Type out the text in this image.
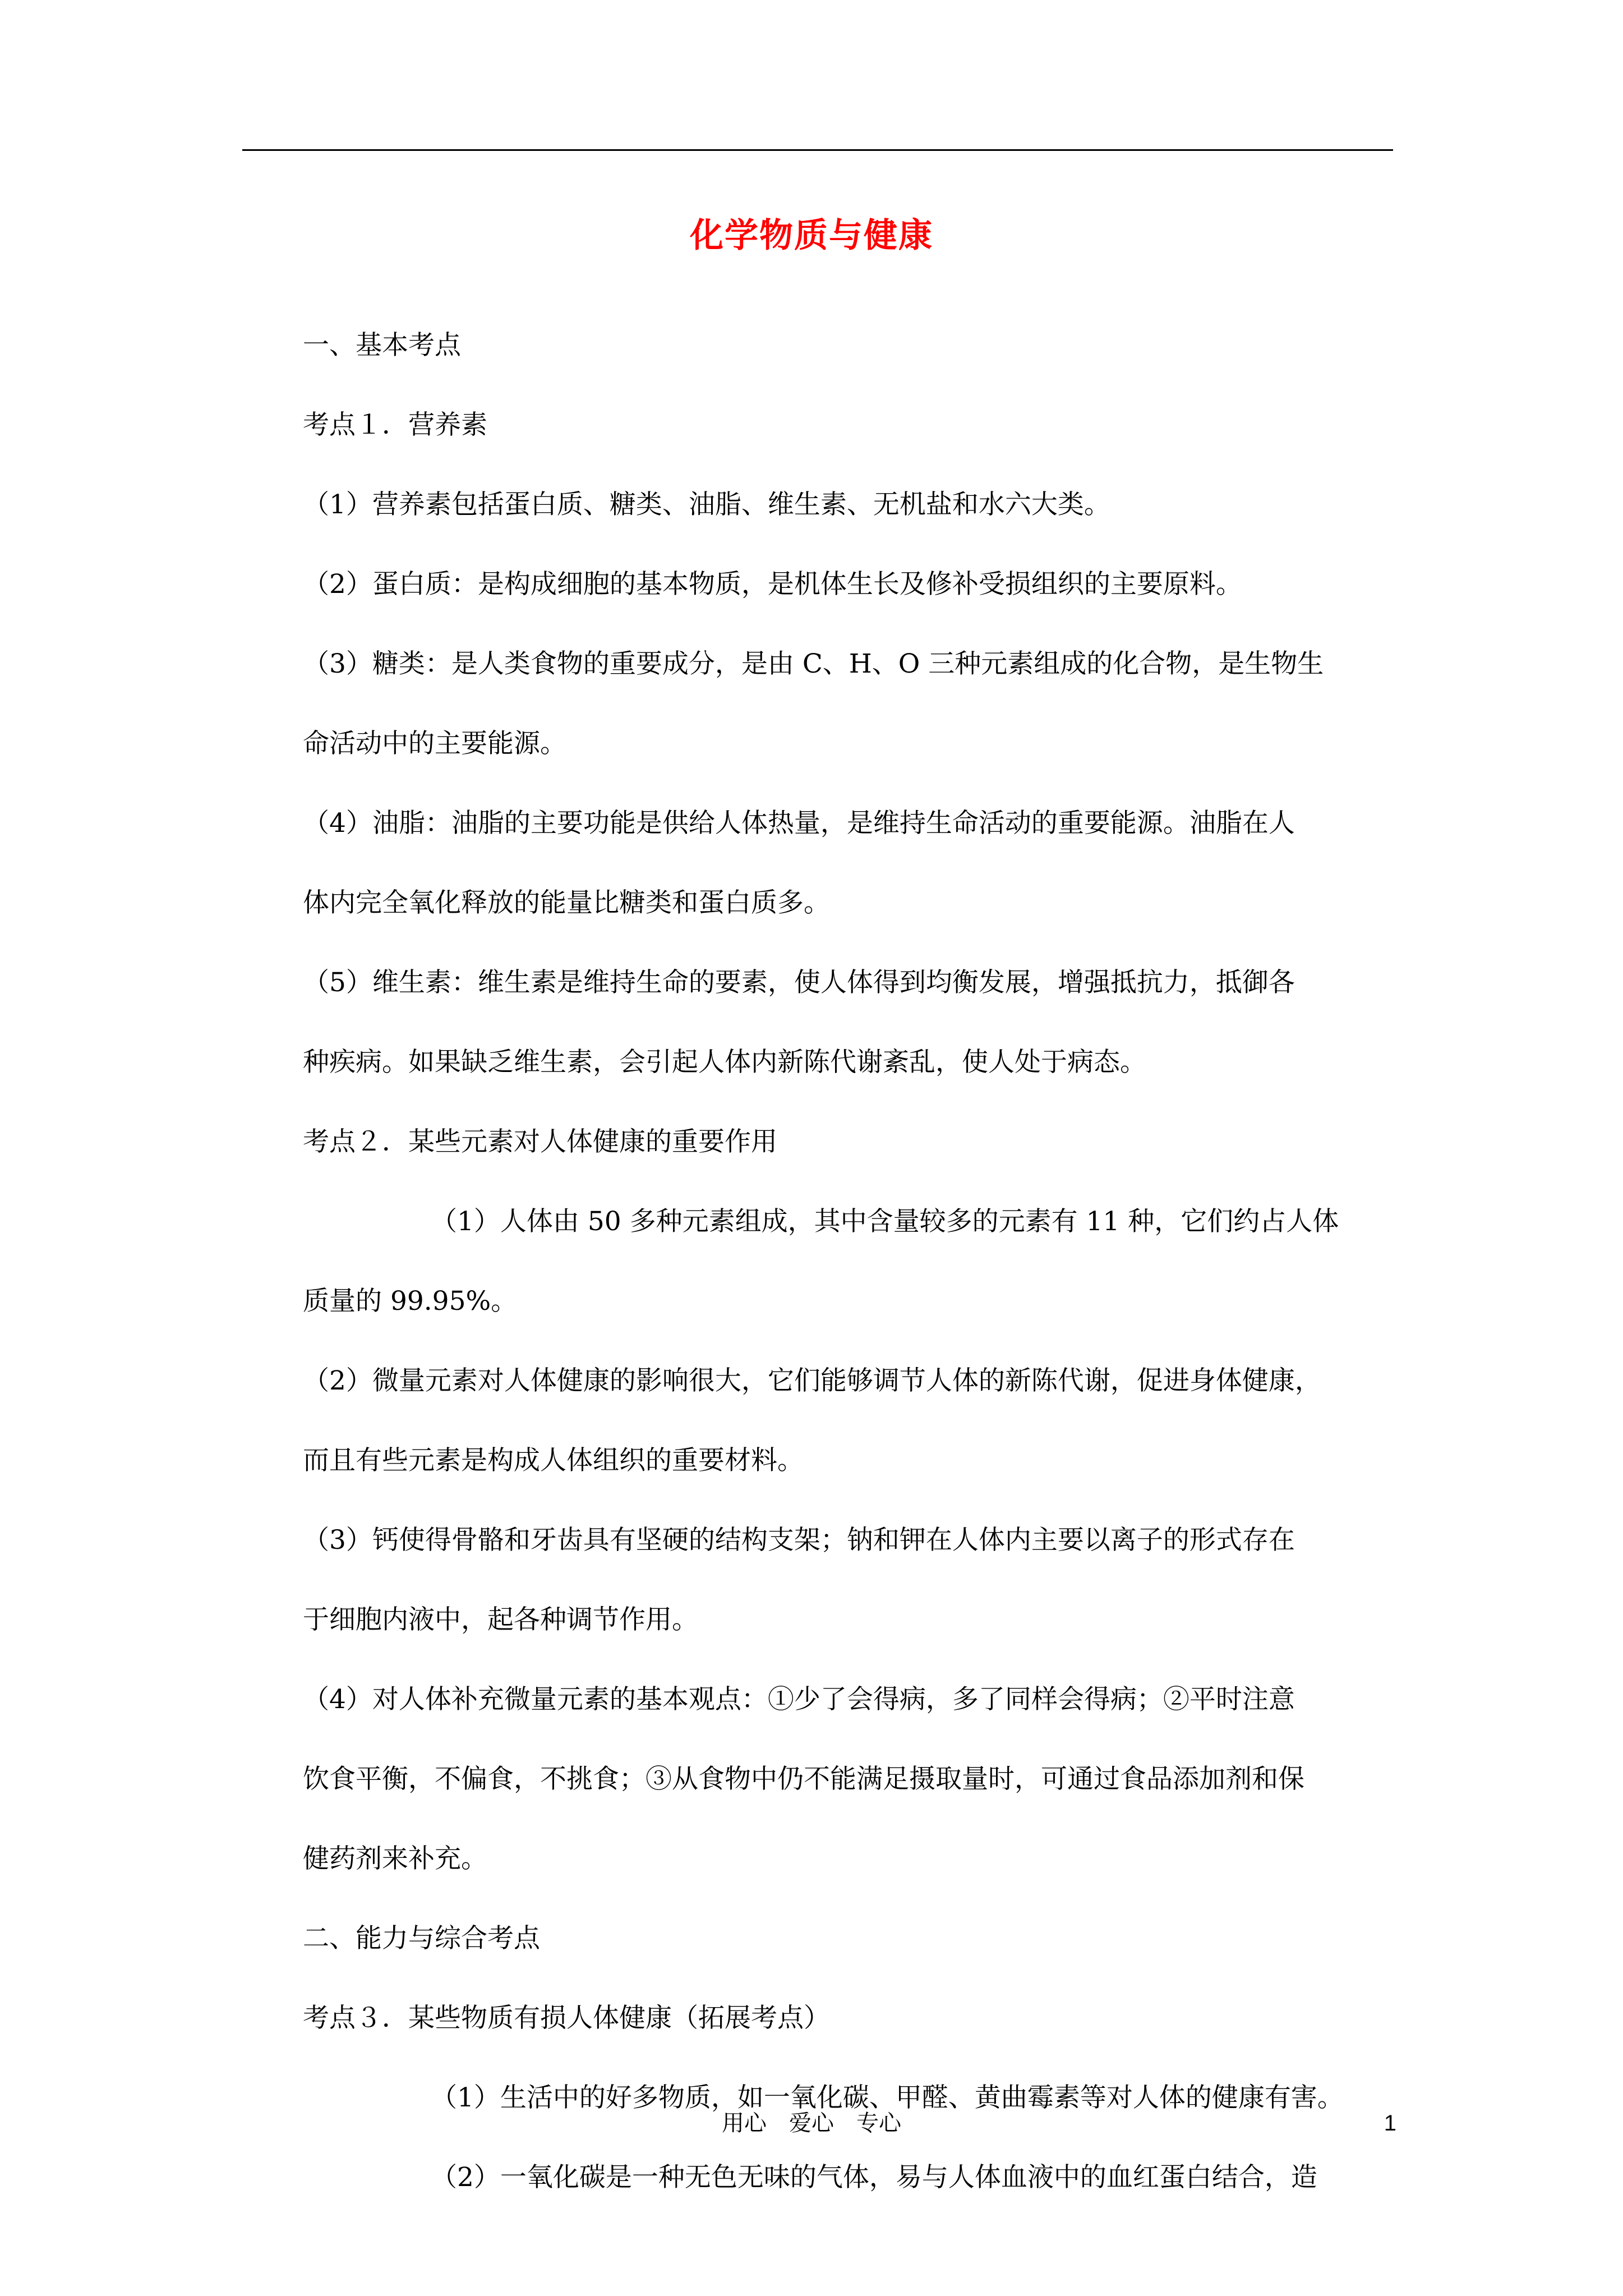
化学物质与健康

一、基本考点

考点１．营养素

（1）营养素包括蛋白质、糖类、油脂、维生素、无机盐和水六大类。

（2）蛋白质：是构成细胞的基本物质，是机体生长及修补受损组织的主要原料。

（3）糖类：是人类食物的重要成分，是由 C、H、O 三种元素组成的化合物，是生物生

命活动中的主要能源。

（4）油脂：油脂的主要功能是供给人体热量，是维持生命活动的重要能源。油脂在人

体内完全氧化释放的能量比糖类和蛋白质多。

（5）维生素：维生素是维持生命的要素，使人体得到均衡发展，增强抵抗力，抵御各

种疾病。如果缺乏维生素，会引起人体内新陈代谢紊乱，使人处于病态。

考点２．某些元素对人体健康的重要作用

（1）人体由 50 多种元素组成，其中含量较多的元素有 11 种，它们约占人体

质量的 99.95%。

（2）微量元素对人体健康的影响很大，它们能够调节人体的新陈代谢，促进身体健康，

而且有些元素是构成人体组织的重要材料。

（3）钙使得骨骼和牙齿具有坚硬的结构支架；钠和钾在人体内主要以离子的形式存在

于细胞内液中，起各种调节作用。

（4）对人体补充微量元素的基本观点：①少了会得病，多了同样会得病；②平时注意

饮食平衡，不偏食，不挑食；③从食物中仍不能满足摄取量时，可通过食品添加剂和保

健药剂来补充。

二、能力与综合考点

考点３．某些物质有损人体健康（拓展考点）

（1）生活中的好多物质，如一氧化碳、甲醛、黄曲霉素等对人体的健康有害。

（2）一氧化碳是一种无色无味的气体，易与人体血液中的血红蛋白结合，造

用心　爱心　专心	1
